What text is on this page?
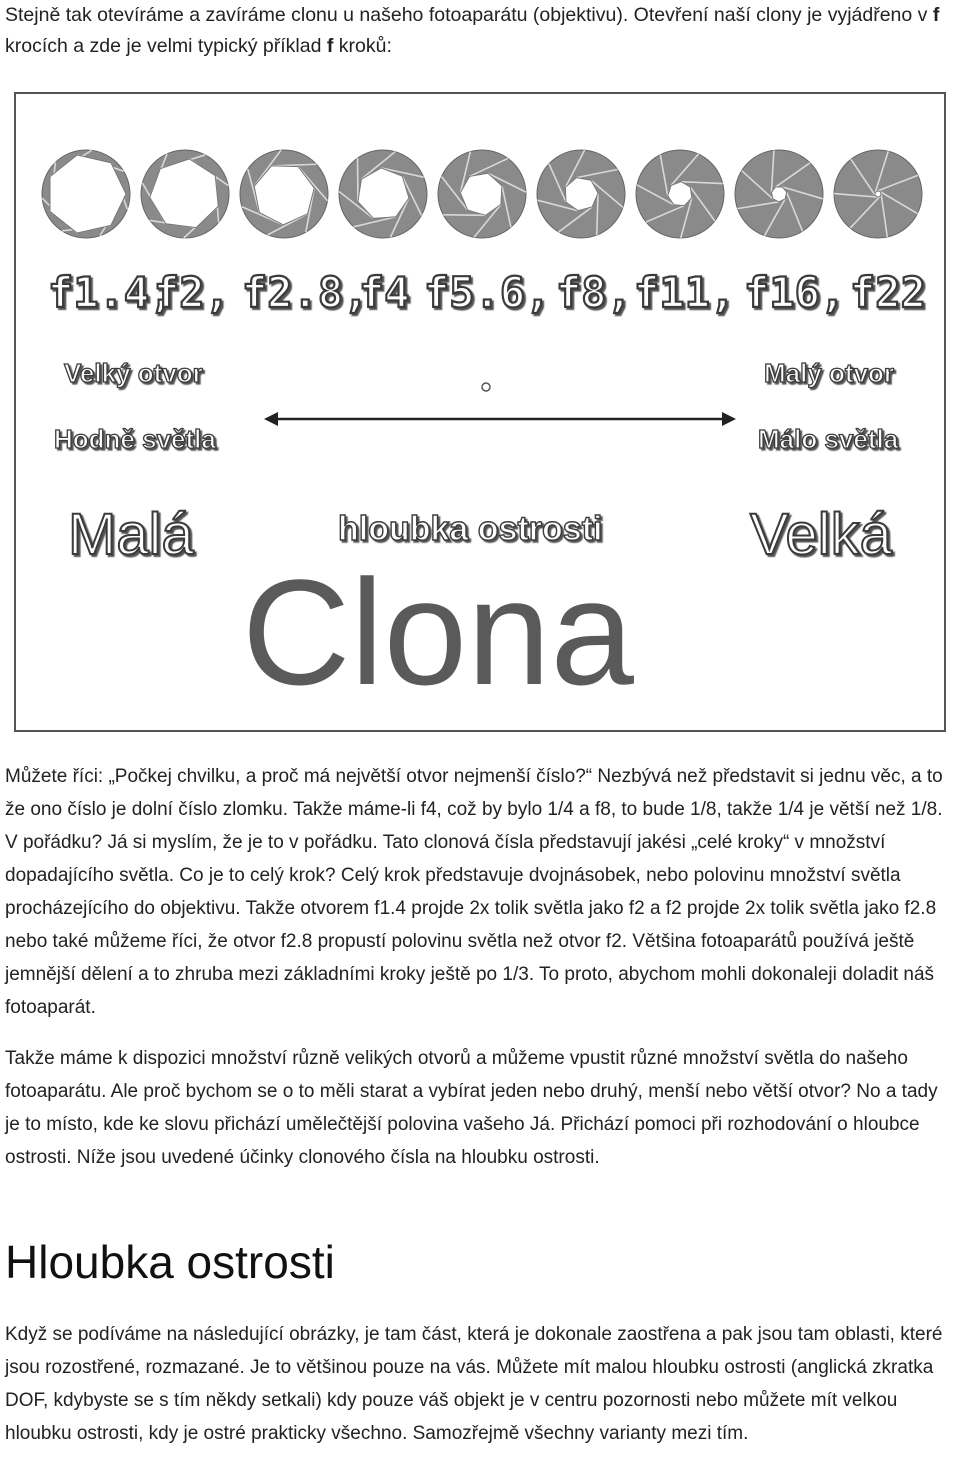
Stejně tak otevíráme a zavíráme clonu u našeho fotoaparátu (objektivu). Otevření naší clony je vyjádřeno v f krocích a zde je velmi typický příklad f kroků:

f1.4,
f2, f2.8,
f4 f5.6, f8, f11, f16, f22
Velký otvor
Hodně světla
Malý otvor
Málo světla
Malá	hloubka ostrosti	Velká
Clona

Můžete říci: „Počkej chvilku, a proč má největší otvor nejmenší číslo?“ Nezbývá než představit si jednu věc, a to že ono číslo je dolní číslo zlomku. Takže máme-li f4, což by bylo 1/4 a f8, to bude 1/8, takže 1/4 je větší než 1/8. V pořádku? Já si myslím, že je to v pořádku. Tato clonová čísla představují jakési „celé kroky“ v množství dopadajícího světla. Co je to celý krok? Celý krok představuje dvojnásobek, nebo polovinu množství světla procházejícího do objektivu. Takže otvorem f1.4 projde 2x tolik světla jako f2 a f2 projde 2x tolik světla jako f2.8 nebo také můžeme říci, že otvor f2.8 propustí polovinu světla než otvor f2. Většina fotoaparátů používá ještě jemnější dělení a to zhruba mezi základními kroky ještě po 1/3. To proto, abychom mohli dokonaleji doladit náš fotoaparát.

Takže máme k dispozici množství různě velikých otvorů a můžeme vpustit různé množství světla do našeho fotoaparátu. Ale proč bychom se o to měli starat a vybírat jeden nebo druhý, menší nebo větší otvor? No a tady je to místo, kde ke slovu přichází umělečtější polovina vašeho Já. Přichází pomoci při rozhodování o hloubce ostrosti. Níže jsou uvedené účinky clonového čísla na hloubku ostrosti.

Hloubka ostrosti

Když se podíváme na následující obrázky, je tam část, která je dokonale zaostřena a pak jsou tam oblasti, které jsou rozostřené, rozmazané. Je to většinou pouze na vás. Můžete mít malou hloubku ostrosti (anglická zkratka DOF, kdybyste se s tím někdy setkali) kdy pouze váš objekt je v centru pozornosti nebo můžete mít velkou hloubku ostrosti, kdy je ostré prakticky všechno. Samozřejmě všechny varianty mezi tím.
